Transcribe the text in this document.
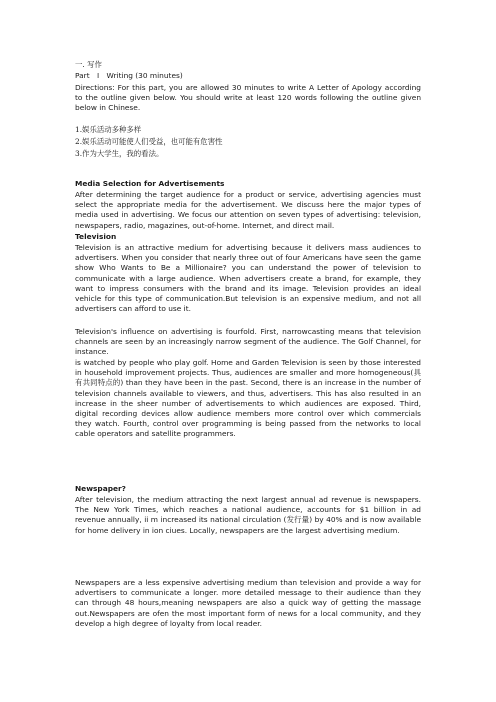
一. 写作
Part　Ⅰ　Writing (30 minutes)
Directions: For this part, you are allowed 30 minutes to write A Letter of Apology according to the outline given below. You should write at least 120 words following the outline given below in Chinese.
1.娱乐活动多种多样
2.娱乐活动可能使人们受益，也可能有危害性
3.作为大学生，我的看法。
Media Selection for Advertisements
After determining the target audience for a product or service, advertising agencies must select the appropriate media for the advertisement. We discuss here the major types of media used in advertising. We focus our attention on seven types of advertising: television, newspapers, radio, magazines, out-of-home. Internet, and direct mail.
Television
Television is an attractive medium for advertising because it delivers mass audiences to advertisers. When you consider that nearly three out of four Americans have seen the game show Who Wants to Be a Millionaire? you can understand the power of television to communicate with a large audience. When advertisers create a brand, for example, they want to impress consumers with the brand and its image. Television provides an ideal vehicle for this type of communication.But television is an expensive medium, and not all advertisers can afford to use it.
Television's influence on advertising is fourfold. First, narrowcasting means that television channels are seen by an increasingly narrow segment of the audience. The Golf Channel, for instance.
is watched by people who play golf. Home and Garden Television is seen by those interested in household improvement projects. Thus, audiences are smaller and more homogeneous(具有共同特点的) than they have been in the past. Second, there is an increase in the number of television channels available to viewers, and thus, advertisers. This has also resulted in an increase in the sheer number of advertisements to which audiences are exposed. Third, digital recording devices allow audience members more control over which commercials they watch. Fourth, control over programming is being passed from the networks to local cable operators and satellite programmers.
Newspaper?
After television, the medium attracting the next largest annual ad revenue is newspapers. The New York Times, which reaches a national audience, accounts for $1 billion in ad revenue annually, ii m increased its national circulation (发行量) by 40% and is now available for home delivery in ion ciues. Locally, newspapers are the largest advertising medium.
Newspapers are a less expensive advertising medium than television and provide a way for advertisers to communicate a longer. more detailed message to their audience than they can through 48 hours,meaning newspapers are also a quick way of getting the massage out.Newspapers are ofen the most important form of news for a local community, and they develop a high degree of loyalty from local reader.
